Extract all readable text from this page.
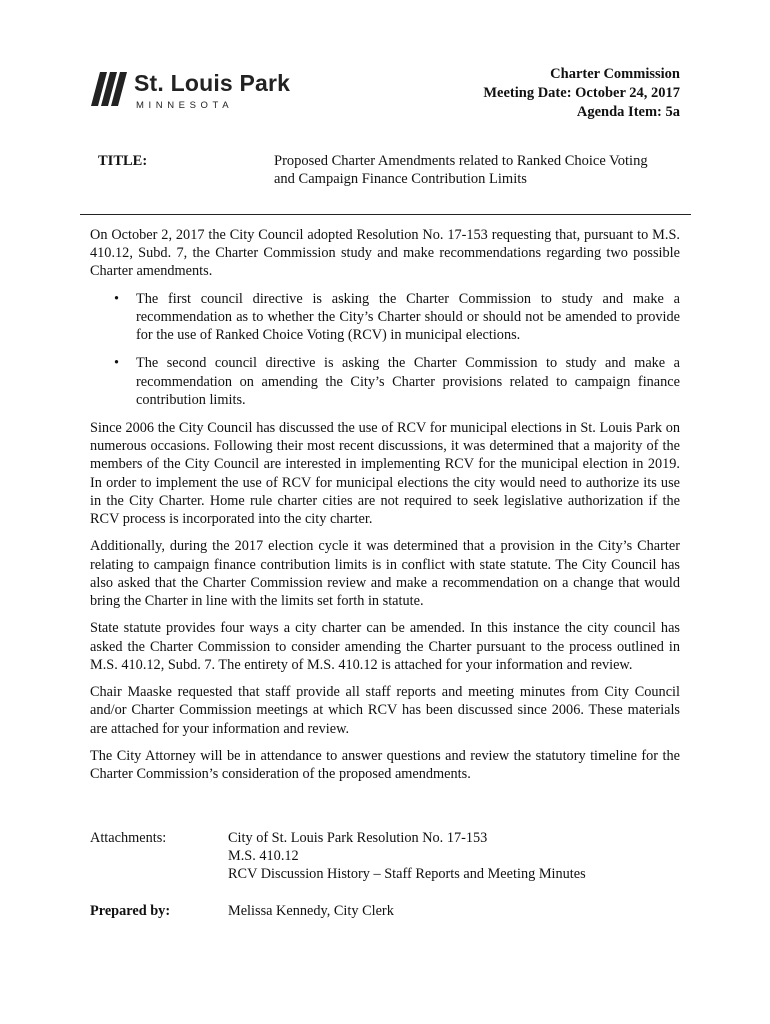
St. Louis Park
MINNESOTA
Charter Commission
Meeting Date: October 24, 2017
Agenda Item: 5a
TITLE:	Proposed Charter Amendments related to Ranked Choice Voting
and Campaign Finance Contribution Limits

On October 2, 2017 the City Council adopted Resolution No. 17-153 requesting that, pursuant to M.S. 410.12, Subd. 7, the Charter Commission study and make recommendations regarding two possible Charter amendments.

• The first council directive is asking the Charter Commission to study and make a recommendation as to whether the City’s Charter should or should not be amended to provide for the use of Ranked Choice Voting (RCV) in municipal elections.
• The second council directive is asking the Charter Commission to study and make a recommendation on amending the City’s Charter provisions related to campaign finance contribution limits.

Since 2006 the City Council has discussed the use of RCV for municipal elections in St. Louis Park on numerous occasions. Following their most recent discussions, it was determined that a majority of the members of the City Council are interested in implementing RCV for the municipal election in 2019. In order to implement the use of RCV for municipal elections the city would need to authorize its use in the City Charter. Home rule charter cities are not required to seek legislative authorization if the RCV process is incorporated into the city charter.

Additionally, during the 2017 election cycle it was determined that a provision in the City’s Charter relating to campaign finance contribution limits is in conflict with state statute. The City Council has also asked that the Charter Commission review and make a recommendation on a change that would bring the Charter in line with the limits set forth in statute.

State statute provides four ways a city charter can be amended. In this instance the city council has asked the Charter Commission to consider amending the Charter pursuant to the process outlined in M.S. 410.12, Subd. 7. The entirety of M.S. 410.12 is attached for your information and review.

Chair Maaske requested that staff provide all staff reports and meeting minutes from City Council and/or Charter Commission meetings at which RCV has been discussed since 2006. These materials are attached for your information and review.

The City Attorney will be in attendance to answer questions and review the statutory timeline for the Charter Commission’s consideration of the proposed amendments.

Attachments:	City of St. Louis Park Resolution No. 17-153
M.S. 410.12
RCV Discussion History – Staff Reports and Meeting Minutes
Prepared by:	Melissa Kennedy, City Clerk
